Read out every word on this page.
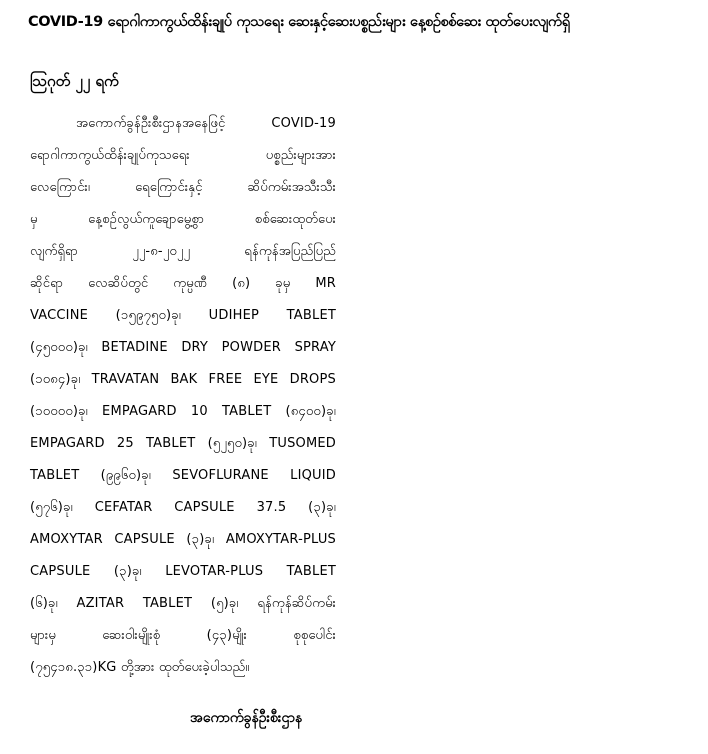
COVID-19 ရောဂါကာကွယ်ထိန်းချုပ် ကုသရေး ဆေးနှင့်ဆေးပစ္စည်းများ နေ့စဉ်စစ်ဆေး ထုတ်ပေးလျက်ရှိ
ဩဂုတ် ၂၂ ရက်
အကောက်ခွန်ဦးစီးဌာနအနေဖြင့် COVID-19
ရောဂါကာကွယ်ထိန်းချုပ်ကုသရေး ပစ္စည်းများအား
လေကြောင်း၊ ရေကြောင်းနှင့် ဆိပ်ကမ်းအသီးသီး
မှ နေ့စဉ်လွယ်ကူချောမွေ့စွာ စစ်ဆေးထုတ်ပေး
လျက်ရှိရာ ၂၂-၈-၂၀၂၂ ရန်ကုန်အပြည်ပြည်
ဆိုင်ရာ လေဆိပ်တွင် ကုမ္ပဏီ (၈) ခုမှ MR
VACCINE (၁၅၉၇၅၀)ခု၊ UDIHEP TABLET
(၄၅၀၀၀)ခု၊ BETADINE DRY POWDER SPRAY
(၁၀၈၄)ခု၊ TRAVATAN BAK FREE EYE DROPS
(၁၀၀၀၀)ခု၊ EMPAGARD 10 TABLET (၈၄၀၀)ခု၊
EMPAGARD 25 TABLET (၅၂၅၀)ခု၊ TUSOMED
TABLET (၉၉၆၀)ခု၊ SEVOFLURANE LIQUID
(၅၇၆)ခု၊ CEFATAR CAPSULE 37.5 (၃)ခု၊
AMOXYTAR CAPSULE (၃)ခု၊ AMOXYTAR-PLUS
CAPSULE (၃)ခု၊ LEVOTAR-PLUS TABLET
(၆)ခု၊ AZITAR TABLET (၅)ခု၊ ရန်ကုန်ဆိပ်ကမ်း
များမှ ဆေးဝါးမျိုးစုံ (၄၃)မျိုး စုစုပေါင်း
(၇၅၄၁၈.၃၁)KG တို့အား ထုတ်ပေးခဲ့ပါသည်။
အကောက်ခွန်ဦးစီးဌာန
